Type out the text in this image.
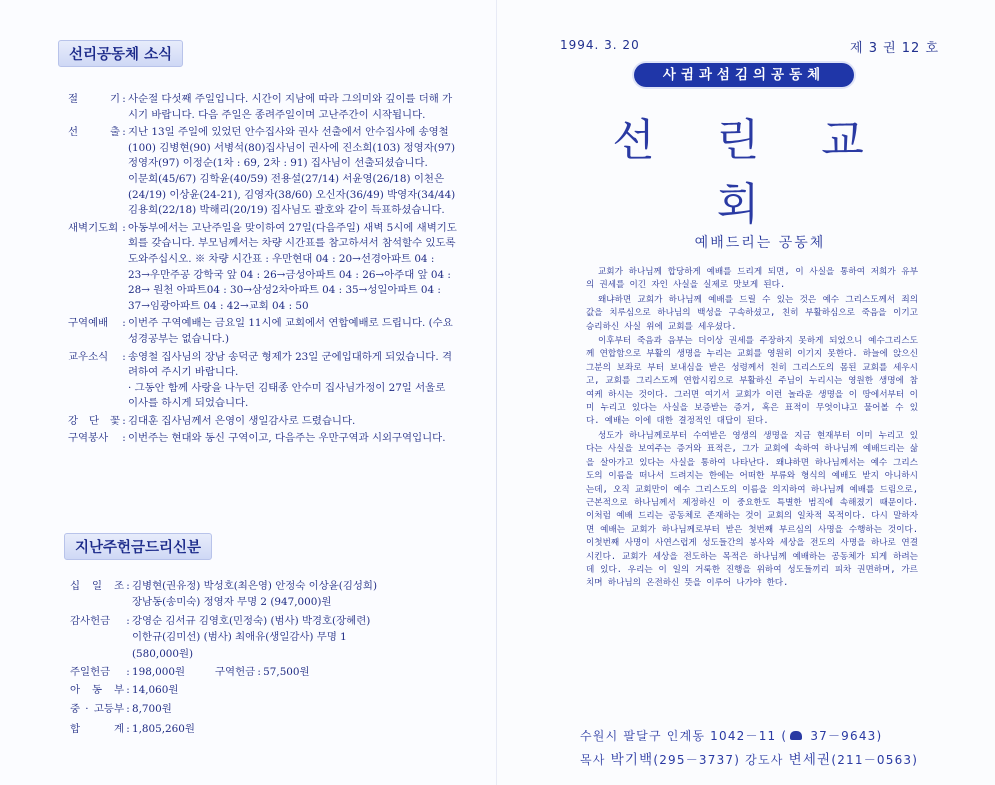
선리공동체 소식
절 기 : 사순절 다섯째 주일입니다. 시간이 지남에 따라 그의미와 깊이를 더해 가시기 바랍니다. 다음 주일은 종려주일이며 고난주간이 시작됩니다.

선 출 : 지난 13일 주일에 있었던 안수집사와 권사 선출에서 안수집사에 송영철(100) 김병현(90) 서병석(80)집사님이 권사에 진소희(103) 정영자(97) 정영자(97) 이정순(1차 : 69, 2차 : 91) 집사님이 선출되셨습니다.

이문희(45/67) 김학윤(40/59) 전용설(27/14) 서윤영(26/18) 이천은(24/19) 이상윤(24-21), 김영자(38/60) 오신자(36/49) 박영자(34/44) 김용희(22/18) 박해리(20/19) 집사님도 괄호와 같이 득표하셨습니다.

새벽기도회 : 아동부에서는 고난주일을 맞이하여 27일(다음주일) 새벽 5시에 새벽기도회를 갖습니다. 부모님께서는 차량 시간표를 참고하셔서 참석할수 있도록 도와주십시오. ※ 차량 시간표 : 우만현대 04 : 20→선경아파트 04 : 23→우만주공 강학국 앞 04 : 26→금성아파트 04 : 26→아주대 앞 04 : 28→ 원천 아파트04 : 30→삼성2차아파트 04 : 35→성일아파트 04 : 37→임광아파트 04 : 42→교회 04 : 50

구역예배	: 이번주 구역예배는 금요일 11시에 교회에서 연합예배로 드립니다. (수요성경공부는 없습니다.)

교우소식	: 송영철 집사님의 장남 송덕군 형제가 23일 군에입대하게 되었습니다. 격려하여 주시기 바랍니다.

· 그동안 함께 사랑을 나누던 김태종 안수미 집사님가정이 27일 서울로 이사를 하시게 되었습니다.

강 단 꽃 : 김대훈 집사님께서 은영이 생일감사로 드렸습니다.

구역봉사	: 이번주는 현대와 동신 구역이고, 다음주는 우만구역과 시외구역입니다.

지난주헌금드리신분
십 일 조 : 김병현(권유정) 박성호(최은영) 안정숙 이상윤(김성희)

장남동(송미숙) 정영자 무명 2 (947,000)원

감사헌금	: 강영순 김서규 김영호(민정숙) (범사) 박경호(장혜련)

이한규(김미선) (범사) 최애유(생일감사) 무명 1

(580,000원)

주일헌금	: 198,000원	구역헌금 : 57,500원
아 동 부 : 14,060원
중 · 고등부 : 8,700원
합 계 : 1,805,260원
1994. 3. 20	제 3 권 12 호
사귐과섬김의공동체
선 린 교 회
예배드리는 공동체

교회가 하나님께 합당하게 예배를 드리게 되면, 이 사실을 통하여 저희가 유부의 권세를 이긴 자인 사실을 실제로 맛보게 된다.

왜냐하면 교회가 하나님께 예배를 드릴 수 있는 것은 예수 그리스도께서 죄의 값을 치루심으로 하나님의 백성을 구속하셨고, 친히 부활하심으로 죽음을 이기고 승리하신 사실 위에 교회를 세우셨다.

이후부터 죽음과 음부는 더이상 권세를 주장하지 못하게 되었으니 예수그리스도께 연합함으로 부활의 생명을 누리는 교회를 영원히 이기지 못한다. 하늘에 앉으신 그분의 보좌로 부터 보내심을 받은 성령께서 친히 그리스도의 몸된 교회를 세우시고, 교회를 그리스도께 연합시킴으로 부활하신 주님이 누리시는 영원한 생명에 참여케 하시는 것이다. 그러면 여기서 교회가 이런 놀라운 생명을 이 땅에서부터 이미 누리고 있다는 사실을 보증받는 증거, 혹은 표적이 무엇이냐고 물어볼 수 있다. 예배는 이에 대한 결정적인 대답이 된다.

성도가 하나님께로부터 수여받은 영생의 생명을 지금 현재부터 이미 누리고 있다는 사실을 보여주는 증거와 표적은, 그가 교회에 속하여 하나님께 예배드리는 삶을 살아가고 있다는 사실을 통하여 나타난다. 왜냐하면 하나님께서는 예수 그리스도의 이름을 떠나서 드려지는 한에는 어떠한 부류와 형식의 예배도 받지 아니하시는데, 오직 교회만이 예수 그리스도의 이름을 의지하여 하나님께 예배를 드림으로, 근본적으로 하나님께서 제정하신 이 중요한도 특별한 범직에 속해졌기 때문이다. 이처럼 예배 드리는 공동체로 존재하는 것이 교회의 일차적 목적이다. 다시 말하자면 예배는 교회가 하나님께로부터 받은 첫번째 부르심의 사명을 수행하는 것이다. 이첫번째 사명이 사연스럽게 성도들간의 봉사와 세상을 전도의 사명을 하나로 연결시킨다. 교회가 세상을 전도하는 목적은 하나님께 예배하는 공동체가 되게 하려는데 있다. 우리는 이 일의 거룩한 진행을 위하여 성도들끼리 피차 권면하며, 가르치며 하나님의 온전하신 뜻을 이루어 나가야 한다.

수원시 팔달구 인계동 1042－11 ( 37－9643)
목사 박기백(295－3737) 강도사 변세권(211－0563)
